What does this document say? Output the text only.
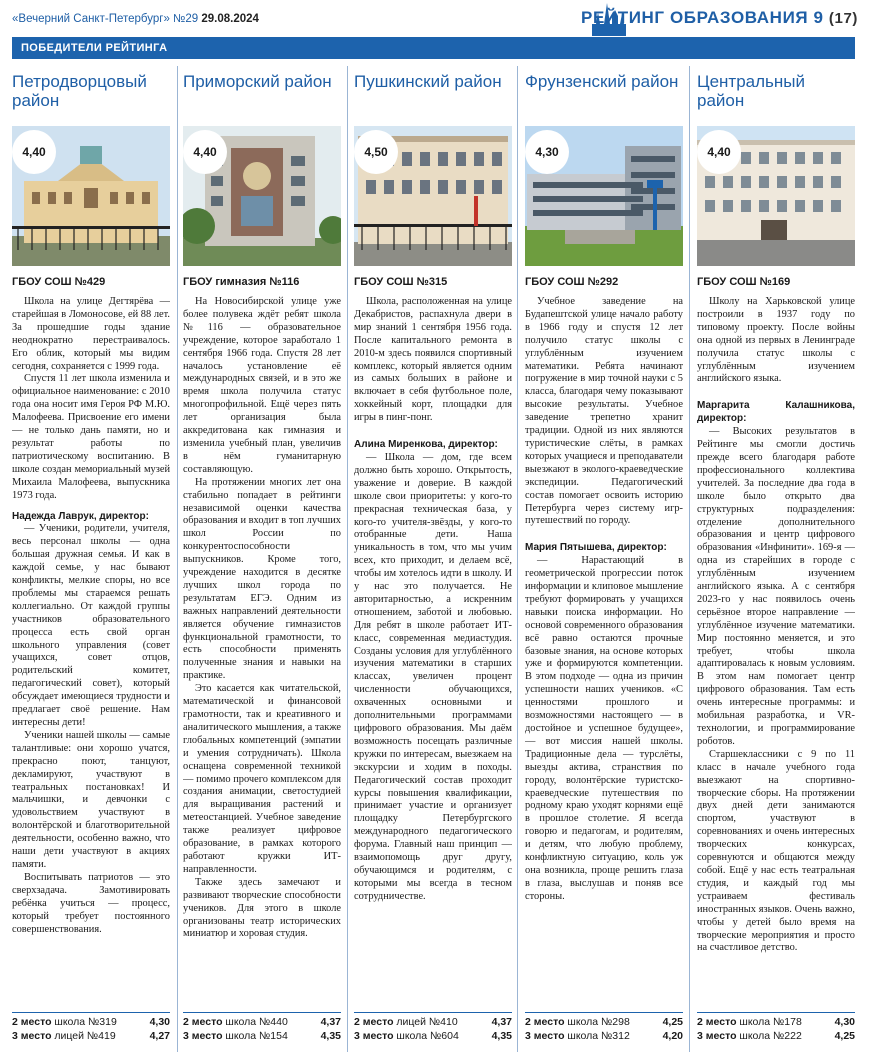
«Вечерний Санкт-Петербург» №29 29.08.2024	РЕЙТИНГ ОБРАЗОВАНИЯ 9 (17)
ПОБЕДИТЕЛИ РЕЙТИНГА
Петродворцовый район
4,40
ГБОУ СОШ №429

Школа на улице Дегтярёва — старейшая в Ломоносове, ей 88 лет. За прошедшие годы здание неоднократно перестраивалось. Его облик, который мы видим сегодня, сохраняется с 1999 года.

Спустя 11 лет школа изменила и официальное наименование: с 2010 года она носит имя Героя РФ М.Ю. Малофеева. Присвоение его имени — не только дань памяти, но и результат работы по патриотическому воспитанию. В школе создан мемориальный музей Михаила Малофеева, выпускника 1973 года.

Надежда Лаврук, директор:

— Ученики, родители, учителя, весь персонал школы — одна большая дружная семья. И как в каждой семье, у нас бывают конфликты, мелкие споры, но все проблемы мы стараемся решать коллегиально. От каждой группы участников образовательного процесса есть свой орган школьного управления (совет учащихся, совет отцов, родительский комитет, педагогический совет), который обсуждает имеющиеся трудности и предлагает своё решение. Нам интересны дети!

Ученики нашей школы — самые талантливые: они хорошо учатся, прекрасно поют, танцуют, декламируют, участвуют в театральных постановках! И мальчишки, и девчонки с удовольствием участвуют в волонтёрской и благотворительной деятельности, особенно важно, что наши дети участвуют в акциях памяти.

Воспитывать патриотов — это сверхзадача. Замотивировать ребёнка учиться — процесс, который требует постоянного совершенствования.

2 место школа №319	4,30
3 место лицей №419	4,27
Приморский район
4,40
ГБОУ гимназия №116

На Новосибирской улице уже более полувека ждёт ребят школа №116 — образовательное учреждение, которое заработало 1 сентября 1966 года. Спустя 28 лет началось установление её международных связей, и в это же время школа получила статус многопрофильной. Ещё через пять лет организация была аккредитована как гимназия и изменила учебный план, увеличив в нём гуманитарную составляющую.

На протяжении многих лет она стабильно попадает в рейтинги независимой оценки качества образования и входит в топ лучших школ России по конкурентоспособности выпускников. Кроме того, учреждение находится в десятке лучших школ города по результатам ЕГЭ. Одним из важных направлений деятельности является обучение гимназистов функциональной грамотности, то есть способности применять полученные знания и навыки на практике.

Это касается как читательской, математической и финансовой грамотности, так и креативного и аналитического мышления, а также глобальных компетенций (эмпатии и умения сотрудничать). Школа оснащена современной техникой — помимо прочего комплексом для создания анимации, светостудией для выращивания растений и метеостанцией. Учебное заведение также реализует цифровое образование, в рамках которого работают кружки ИТ-направленности.

Также здесь замечают и развивают творческие способности учеников. Для этого в школе организованы театр исторических миниатюр и хоровая студия.

2 место школа №440	4,37
3 место школа №154	4,35
Пушкинский район
4,50
ГБОУ СОШ №315

Школа, расположенная на улице Декабристов, распахнула двери в мир знаний 1 сентября 1956 года. После капитального ремонта в 2010-м здесь появился спортивный комплекс, который является одним из самых больших в районе и включает в себя футбольное поле, хоккейный корт, площадки для игры в пинг-понг.

Алина Миренкова, директор:

— Школа — дом, где всем должно быть хорошо. Открытость, уважение и доверие. В каждой школе свои приоритеты: у кого-то прекрасная техническая база, у кого-то учителя-звёзды, у кого-то отобранные дети. Наша уникальность в том, что мы учим всех, кто приходит, и делаем всё, чтобы им хотелось идти в школу. И у нас это получается. Не авторитарностью, а искренним отношением, заботой и любовью. Для ребят в школе работает ИТ-класс, современная медиастудия. Созданы условия для углублённого изучения математики в старших классах, увеличен процент численности обучающихся, охваченных основными и дополнительными программами цифрового образования. Мы даём возможность посещать различные кружки по интересам, выезжаем на экскурсии и ходим в походы. Педагогический состав проходит курсы повышения квалификации, принимает участие и организует площадку Петербургского международного педагогического форума. Главный наш принцип — взаимопомощь друг другу, обучающимся и родителям, с которыми мы всегда в тесном сотрудничестве.

2 место лицей №410	4,37
3 место школа №604	4,35
Фрунзенский район
4,30
ГБОУ СОШ №292

Учебное заведение на Будапештской улице начало работу в 1966 году и спустя 12 лет получило статус школы с углублённым изучением математики. Ребята начинают погружение в мир точной науки с 5 класса, благодаря чему показывают высокие результаты. Учебное заведение трепетно хранит традиции. Одной из них являются туристические слёты, в рамках которых учащиеся и преподаватели выезжают в эколого-краеведческие экспедиции. Педагогический состав помогает освоить историю Петербурга через систему игр-путешествий по городу.

Мария Пятышева, директор:

— Нарастающий в геометрической прогрессии поток информации и клиповое мышление требуют формировать у учащихся навыки поиска информации. Но основой современного образования всё равно остаются прочные базовые знания, на основе которых уже и формируются компетенции. В этом подходе — одна из причин успешности наших учеников. «С ценностями прошлого и возможностями настоящего — в достойное и успешное будущее», — вот миссия нашей школы. Традиционные дела — турслёты, выезды актива, странствия по городу, волонтёрские туристско-краеведческие путешествия по родному краю уходят корнями ещё в прошлое столетие. Я всегда говорю и педагогам, и родителям, и детям, что любую проблему, конфликтную ситуацию, коль уж она возникла, проще решить глаза в глаза, выслушав и поняв все стороны.

2 место школа №298	4,25
3 место школа №312	4,20
Центральный район
4,40
ГБОУ СОШ №169

Школу на Харьковской улице построили в 1937 году по типовому проекту. После войны она одной из первых в Ленинграде получила статус школы с углублённым изучением английского языка.

Маргарита Калашникова, директор:

— Высоких результатов в Рейтинге мы смогли достичь прежде всего благодаря работе профессионального коллектива учителей. За последние два года в школе было открыто два структурных подразделения: отделение дополнительного образования и центр цифрового образования «Инфинити». 169-я — одна из старейших в городе с углублённым изучением английского языка. А с сентября 2023-го у нас появилось очень серьёзное второе направление — углублённое изучение математики. Мир постоянно меняется, и это требует, чтобы школа адаптировалась к новым условиям. В этом нам помогает центр цифрового образования. Там есть очень интересные программы: и мобильная разработка, и VR-технологии, и программирование роботов.

Старшеклассники с 9 по 11 класс в начале учебного года выезжают на спортивно-творческие сборы. На протяжении двух дней дети занимаются спортом, участвуют в соревнованиях и очень интересных творческих конкурсах, соревнуются и общаются между собой. Ещё у нас есть театральная студия, и каждый год мы устраиваем фестиваль иностранных языков. Очень важно, чтобы у детей было время на творческие мероприятия и просто на счастливое детство.

2 место школа №178	4,30
3 место школа №222	4,25
